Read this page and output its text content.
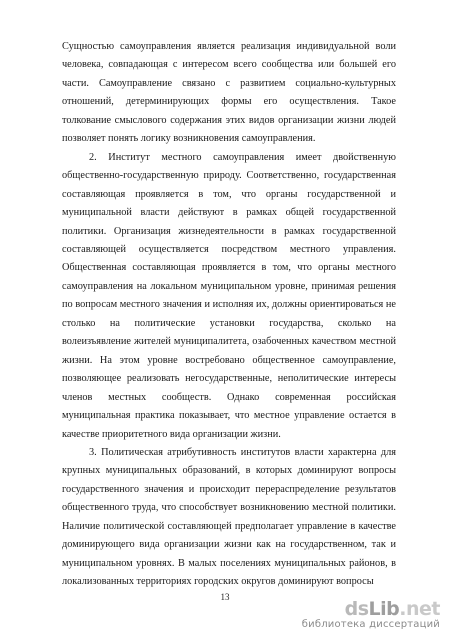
Сущностью самоуправления является реализация индивидуальной воли человека, совпадающая с интересом всего сообщества или большей его части. Самоуправление связано с развитием социально-культурных отношений, детерминирующих формы его осуществления. Такое толкование смыслового содержания этих видов организации жизни людей позволяет понять логику возникновения самоуправления.

2. Институт местного самоуправления имеет двойственную общественно-государственную природу. Соответственно, государственная составляющая проявляется в том, что органы государственной и муниципальной власти действуют в рамках общей государственной политики. Организация жизнедеятельности в рамках государственной составляющей осуществляется посредством местного управления. Общественная составляющая проявляется в том, что органы местного самоуправления на локальном муниципальном уровне, принимая решения по вопросам местного значения и исполняя их, должны ориентироваться не столько на политические установки государства, сколько на волеизъявление жителей муниципалитета, озабоченных качеством местной жизни. На этом уровне востребовано общественное самоуправление, позволяющее реализовать негосударственные, неполитические интересы членов местных сообществ. Однако современная российская муниципальная практика показывает, что местное управление остается в качестве приоритетного вида организации жизни.

3. Политическая атрибутивность институтов власти характерна для крупных муниципальных образований, в которых доминируют вопросы государственного значения и происходит перераспределение результатов общественного труда, что способствует возникновению местной политики. Наличие политической составляющей предполагает управление в качестве доминирующего вида организации жизни как на государственном, так и муниципальном уровнях. В малых поселениях муниципальных районов, в локализованных территориях городских округов доминируют вопросы

13
dsLib.net
библиотека диссертаций
